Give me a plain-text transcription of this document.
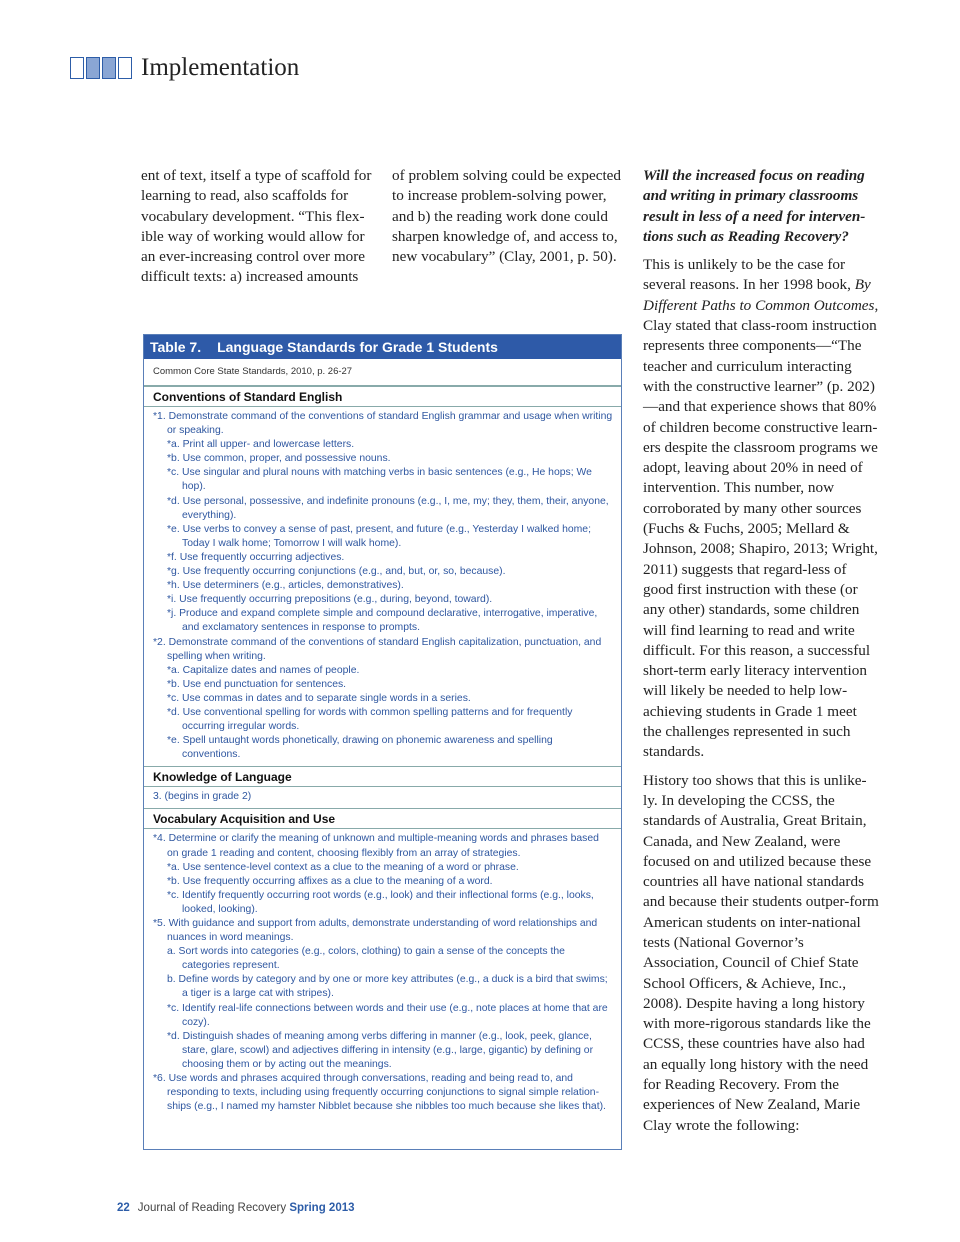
Implementation

ent of text, itself a type of scaffold for learning to read, also scaffolds for vocabulary development. “This flex-ible way of working would allow for an ever-increasing control over more difficult texts: a) increased amounts

of problem solving could be expected to increase problem-solving power, and b) the reading work done could sharpen knowledge of, and access to, new vocabulary” (Clay, 2001, p. 50).

Table 7. Language Standards for Grade 1 Students
Common Core State Standards, 2010, p. 26-27
Conventions of Standard English
*1. Demonstrate command of the conventions of standard English grammar and usage when writing or speaking.
*a. Print all upper- and lowercase letters.
*b. Use common, proper, and possessive nouns.
*c. Use singular and plural nouns with matching verbs in basic sentences (e.g., He hops; We hop).
*d. Use personal, possessive, and indefinite pronouns (e.g., I, me, my; they, them, their, anyone, everything).
*e. Use verbs to convey a sense of past, present, and future (e.g., Yesterday I walked home; Today I walk home; Tomorrow I will walk home).
*f. Use frequently occurring adjectives.
*g. Use frequently occurring conjunctions (e.g., and, but, or, so, because).
*h. Use determiners (e.g., articles, demonstratives).
*i. Use frequently occurring prepositions (e.g., during, beyond, toward).
*j. Produce and expand complete simple and compound declarative, interrogative, imperative, and exclamatory sentences in response to prompts.
*2. Demonstrate command of the conventions of standard English capitalization, punctuation, and spelling when writing.
*a. Capitalize dates and names of people.
*b. Use end punctuation for sentences.
*c. Use commas in dates and to separate single words in a series.
*d. Use conventional spelling for words with common spelling patterns and for frequently occurring irregular words.
*e. Spell untaught words phonetically, drawing on phonemic awareness and spelling conventions.
Knowledge of Language
3. (begins in grade 2)
Vocabulary Acquisition and Use
*4. Determine or clarify the meaning of unknown and multiple-meaning words and phrases based on grade 1 reading and content, choosing flexibly from an array of strategies.
*a. Use sentence-level context as a clue to the meaning of a word or phrase.
*b. Use frequently occurring affixes as a clue to the meaning of a word.
*c. Identify frequently occurring root words (e.g., look) and their inflectional forms (e.g., looks, looked, looking).
*5. With guidance and support from adults, demonstrate understanding of word relationships and nuances in word meanings.
a. Sort words into categories (e.g., colors, clothing) to gain a sense of the concepts the categories represent.
b. Define words by category and by one or more key attributes (e.g., a duck is a bird that swims; a tiger is a large cat with stripes).
*c. Identify real-life connections between words and their use (e.g., note places at home that are cozy).
*d. Distinguish shades of meaning among verbs differing in manner (e.g., look, peek, glance, stare, glare, scowl) and adjectives differing in intensity (e.g., large, gigantic) by defining or choosing them or by acting out the meanings.
*6. Use words and phrases acquired through conversations, reading and being read to, and responding to texts, including using frequently occurring conjunctions to signal simple relation-ships (e.g., I named my hamster Nibblet because she nibbles too much because she likes that).

Will the increased focus on reading and writing in primary classrooms result in less of a need for interven-tions such as Reading Recovery?

This is unlikely to be the case for several reasons. In her 1998 book, By Different Paths to Common Outcomes, Clay stated that class-room instruction represents three components—“The teacher and curriculum interacting with the constructive learner” (p. 202)—and that experience shows that 80% of children become constructive learn-ers despite the classroom programs we adopt, leaving about 20% in need of intervention. This number, now corroborated by many other sources (Fuchs & Fuchs, 2005; Mellard & Johnson, 2008; Shapiro, 2013; Wright, 2011) suggests that regard-less of good first instruction with these (or any other) standards, some children will find learning to read and write difficult. For this reason, a successful short-term early literacy intervention will likely be needed to help low-achieving students in Grade 1 meet the challenges represented in such standards.

History too shows that this is unlike-ly. In developing the CCSS, the standards of Australia, Great Britain, Canada, and New Zealand, were focused on and utilized because these countries all have national standards and because their students outper-form American students on inter-national tests (National Governor’s Association, Council of Chief State School Officers, & Achieve, Inc., 2008). Despite having a long history with more-rigorous standards like the CCSS, these countries have also had an equally long history with the need for Reading Recovery. From the experiences of New Zealand, Marie Clay wrote the following:

22 Journal of Reading Recovery Spring 2013
